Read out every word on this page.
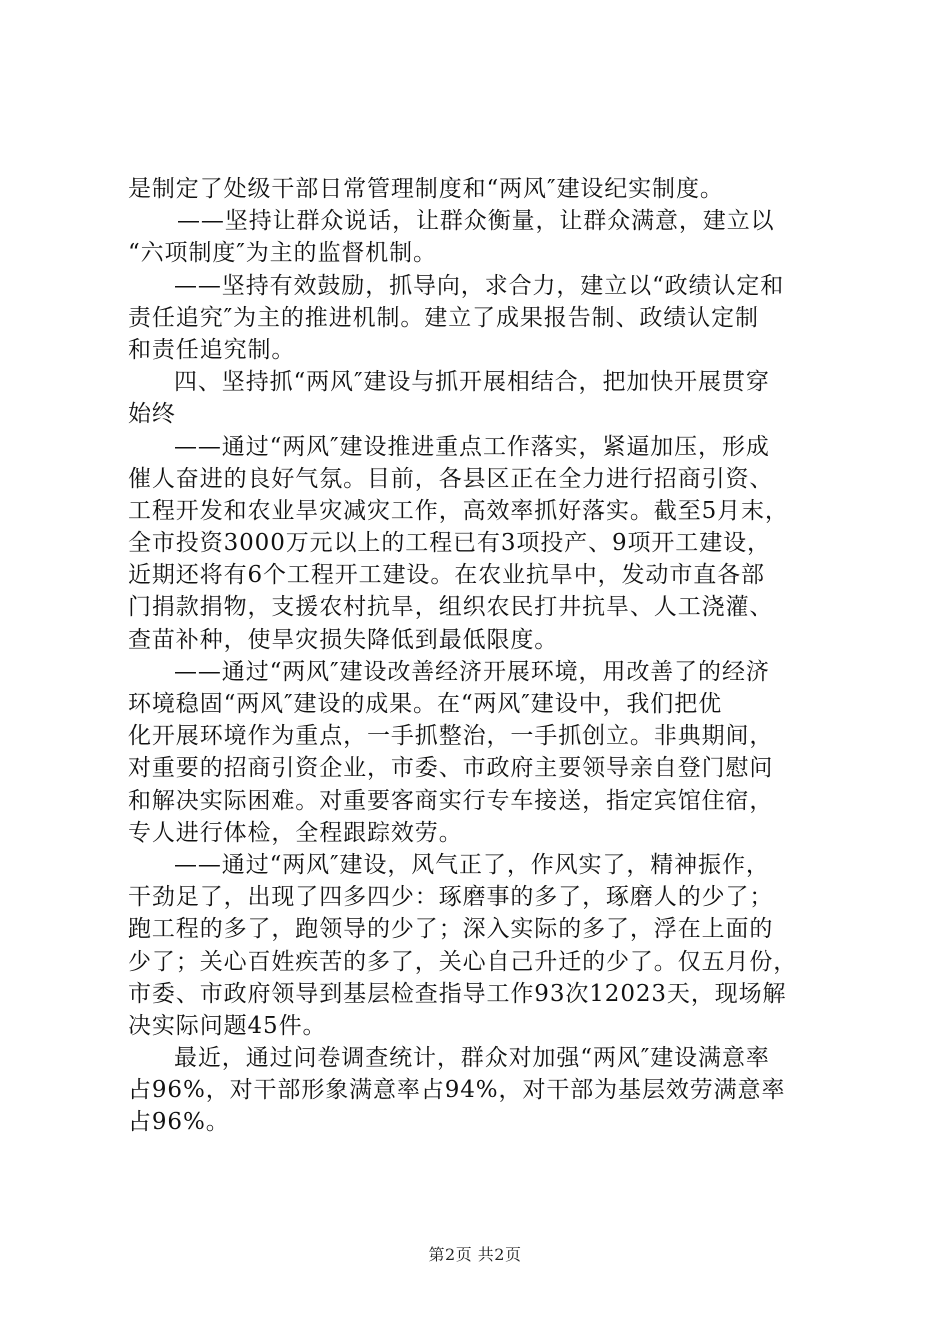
是制定了处级干部日常管理制度和“两风″建设纪实制度。
——坚持让群众说话，让群众衡量，让群众满意，建立以
“六项制度″为主的监督机制。
——坚持有效鼓励，抓导向，求合力，建立以“政绩认定和
责任追究″为主的推进机制。建立了成果报告制、政绩认定制
和责任追究制。
四、坚持抓“两风″建设与抓开展相结合，把加快开展贯穿
始终
——通过“两风″建设推进重点工作落实，紧逼加压，形成
催人奋进的良好气氛。目前，各县区正在全力进行招商引资、
工程开发和农业旱灾减灾工作，高效率抓好落实。截至5月末，
全市投资3000万元以上的工程已有3项投产、9项开工建设，
近期还将有6个工程开工建设。在农业抗旱中，发动市直各部
门捐款捐物，支援农村抗旱，组织农民打井抗旱、人工浇灌、
查苗补种，使旱灾损失降低到最低限度。
——通过“两风″建设改善经济开展环境，用改善了的经济
环境稳固“两风″建设的成果。在“两风″建设中，我们把优
化开展环境作为重点，一手抓整治，一手抓创立。非典期间，
对重要的招商引资企业，市委、市政府主要领导亲自登门慰问
和解决实际困难。对重要客商实行专车接送，指定宾馆住宿，
专人进行体检，全程跟踪效劳。
——通过“两风″建设，风气正了，作风实了，精神振作，
干劲足了，出现了四多四少：琢磨事的多了，琢磨人的少了；
跑工程的多了，跑领导的少了；深入实际的多了，浮在上面的
少了；关心百姓疾苦的多了，关心自己升迁的少了。仅五月份，
市委、市政府领导到基层检查指导工作93次12023天，现场解
决实际问题45件。
最近，通过问卷调查统计，群众对加强“两风″建设满意率
占96%，对干部形象满意率占94%，对干部为基层效劳满意率
占96%。
第2页 共2页
